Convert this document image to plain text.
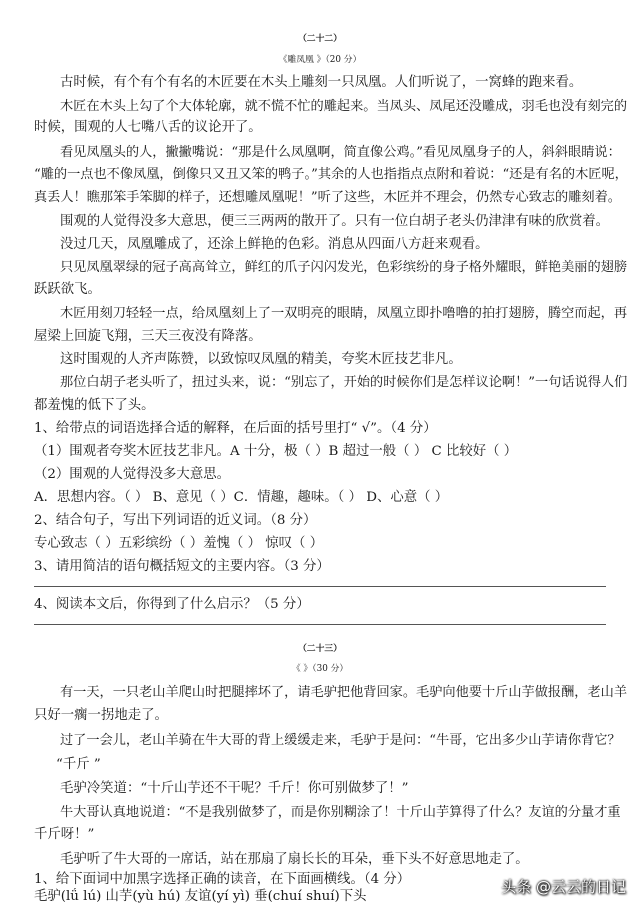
（二十二）
《雕凤凰 》（20 分）
古时候，有个有个有名的木匠要在木头上雕刻一只凤凰。人们听说了，一窝蜂的跑来看。
木匠在木头上勾了个大体轮廓，就不慌不忙的雕起来。当凤头、凤尾还没雕成，羽毛也没有刻完的
时候，围观的人七嘴八舌的议论开了。
看见凤凰头的人，撇撇嘴说：“那是什么凤凰啊，简直像公鸡。”看见凤凰身子的人，斜斜眼睛说：
“雕的一点也不像凤凰，倒像只又丑又笨的鸭子。”其余的人也指指点点附和着说：“还是有名的木匠呢，
真丢人！瞧那笨手笨脚的样子，还想雕凤凰呢！”听了这些，木匠并不理会，仍然专心致志的雕刻着。
围观的人觉得没多大意思，便三三两两的散开了。只有一位白胡子老头仍津津有味的欣赏着。
没过几天，凤凰雕成了，还涂上鲜艳的色彩。消息从四面八方赶来观看。
只见凤凰翠绿的冠子高高耸立，鲜红的爪子闪闪发光，色彩缤纷的身子格外耀眼，鲜艳美丽的翅膀
跃跃欲飞。
木匠用刻刀轻轻一点，给凤凰刻上了一双明亮的眼睛，凤凰立即扑噜噜的拍打翅膀，腾空而起，再
屋梁上回旋飞翔，三天三夜没有降落。
这时围观的人齐声陈赞，以致惊叹凤凰的精美，夸奖木匠技艺非凡。
那位白胡子老头听了，扭过头来，说：“别忘了，开始的时候你们是怎样议论啊！”一句话说得人们
都羞愧的低下了头。
1、给带点的词语选择合适的解释，在后面的括号里打“ √”。（4 分）
（1）围观者夸奖木匠技艺非凡。A 十分，极（ ）B 超过一般（ ） C 比较好（ ）
（2）围观的人觉得没多大意思。
A．思想内容。（ ） B、意见（ ）C．情趣，趣味。（ ） D、心意（ ）
2、结合句子，写出下列词语的近义词。（8 分）
专心致志（ ）五彩缤纷（ ）羞愧（ ） 惊叹（ ）
3、请用简洁的语句概括短文的主要内容。（3 分）
4、阅读本文后，你得到了什么启示？（5 分）
（二十三）
《 》（30 分）
有一天，一只老山羊爬山时把腿摔坏了，请毛驴把他背回家。毛驴向他要十斤山芋做报酬，老山羊
只好一瘸一拐地走了。
过了一会儿，老山羊骑在牛大哥的背上缓缓走来，毛驴于是问：“牛哥，它出多少山芋请你背它？
“千斤 ”
毛驴冷笑道：“十斤山芋还不干呢？千斤！你可别做梦了！”
牛大哥认真地说道：“不是我别做梦了，而是你别糊涂了！十斤山芋算得了什么？友谊的分量才重
千斤呀！”
毛驴听了牛大哥的一席话，站在那扇了扇长长的耳朵，垂下头不好意思地走了。
1、给下面词中加黑字选择正确的读音，在下面画横线。（4 分）
毛驴(lǘ lú) 山芋(yù hú) 友谊(yí yì) 垂(chuí shuí)下头
头条 @云云的日记
